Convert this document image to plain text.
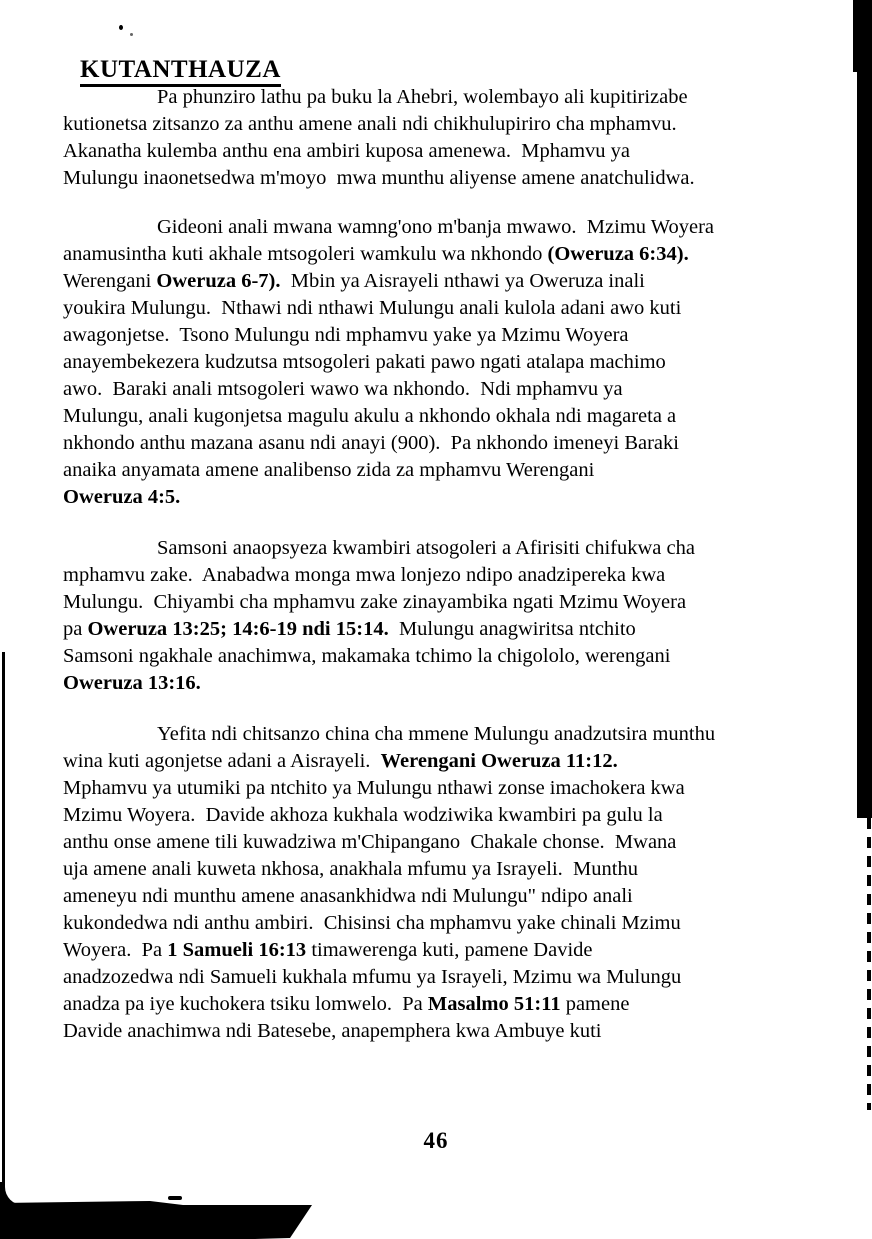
KUTANTHAUZA
Pa phunziro lathu pa buku la Ahebri, wolembayo ali kupitirizabe
kutionetsa zitsanzo za anthu amene anali ndi chikhulupiriro cha mphamvu.
Akanatha kulemba anthu ena ambiri kuposa amenewa.  Mphamvu ya
Mulungu inaonetsedwa m'moyo  mwa munthu aliyense amene anatchulidwa.
Gideoni anali mwana wamng'ono m'banja mwawo.  Mzimu Woyera
anamusintha kuti akhale mtsogoleri wamkulu wa nkhondo (Oweruza 6:34).
Werengani Oweruza 6-7).  Mbin ya Aisrayeli nthawi ya Oweruza inali
youkira Mulungu.  Nthawi ndi nthawi Mulungu anali kulola adani awo kuti
awagonjetse.  Tsono Mulungu ndi mphamvu yake ya Mzimu Woyera
anayembekezera kudzutsa mtsogoleri pakati pawo ngati atalapa machimo
awo.  Baraki anali mtsogoleri wawo wa nkhondo.  Ndi mphamvu ya
Mulungu, anali kugonjetsa magulu akulu a nkhondo okhala ndi magareta a
nkhondo anthu mazana asanu ndi anayi (900).  Pa nkhondo imeneyi Baraki
anaika anyamata amene analibenso zida za mphamvu Werengani
Oweruza 4:5.
Samsoni anaopsyeza kwambiri atsogoleri a Afirisiti chifukwa cha
mphamvu zake.  Anabadwa monga mwa lonjezo ndipo anadzipereka kwa
Mulungu.  Chiyambi cha mphamvu zake zinayambika ngati Mzimu Woyera
pa Oweruza 13:25; 14:6-19 ndi 15:14.  Mulungu anagwiritsa ntchito
Samsoni ngakhale anachimwa, makamaka tchimo la chigololo, werengani
Oweruza 13:16.
Yefita ndi chitsanzo china cha mmene Mulungu anadzutsira munthu
wina kuti agonjetse adani a Aisrayeli.  Werengani Oweruza 11:12.
Mphamvu ya utumiki pa ntchito ya Mulungu nthawi zonse imachokera kwa
Mzimu Woyera.  Davide akhoza kukhala wodziwika kwambiri pa gulu la
anthu onse amene tili kuwadziwa m'Chipangano  Chakale chonse.  Mwana
uja amene anali kuweta nkhosa, anakhala mfumu ya Israyeli.  Munthu
ameneyu ndi munthu amene anasankhidwa ndi Mulungu" ndipo anali
kukondedwa ndi anthu ambiri.  Chisinsi cha mphamvu yake chinali Mzimu
Woyera.  Pa 1 Samueli 16:13 timawerenga kuti, pamene Davide
anadzozedwa ndi Samueli kukhala mfumu ya Israyeli, Mzimu wa Mulungu
anadza pa iye kuchokera tsiku lomwelo.  Pa Masalmo 51:11 pamene
Davide anachimwa ndi Batesebe, anapemphera kwa Ambuye kuti
46
